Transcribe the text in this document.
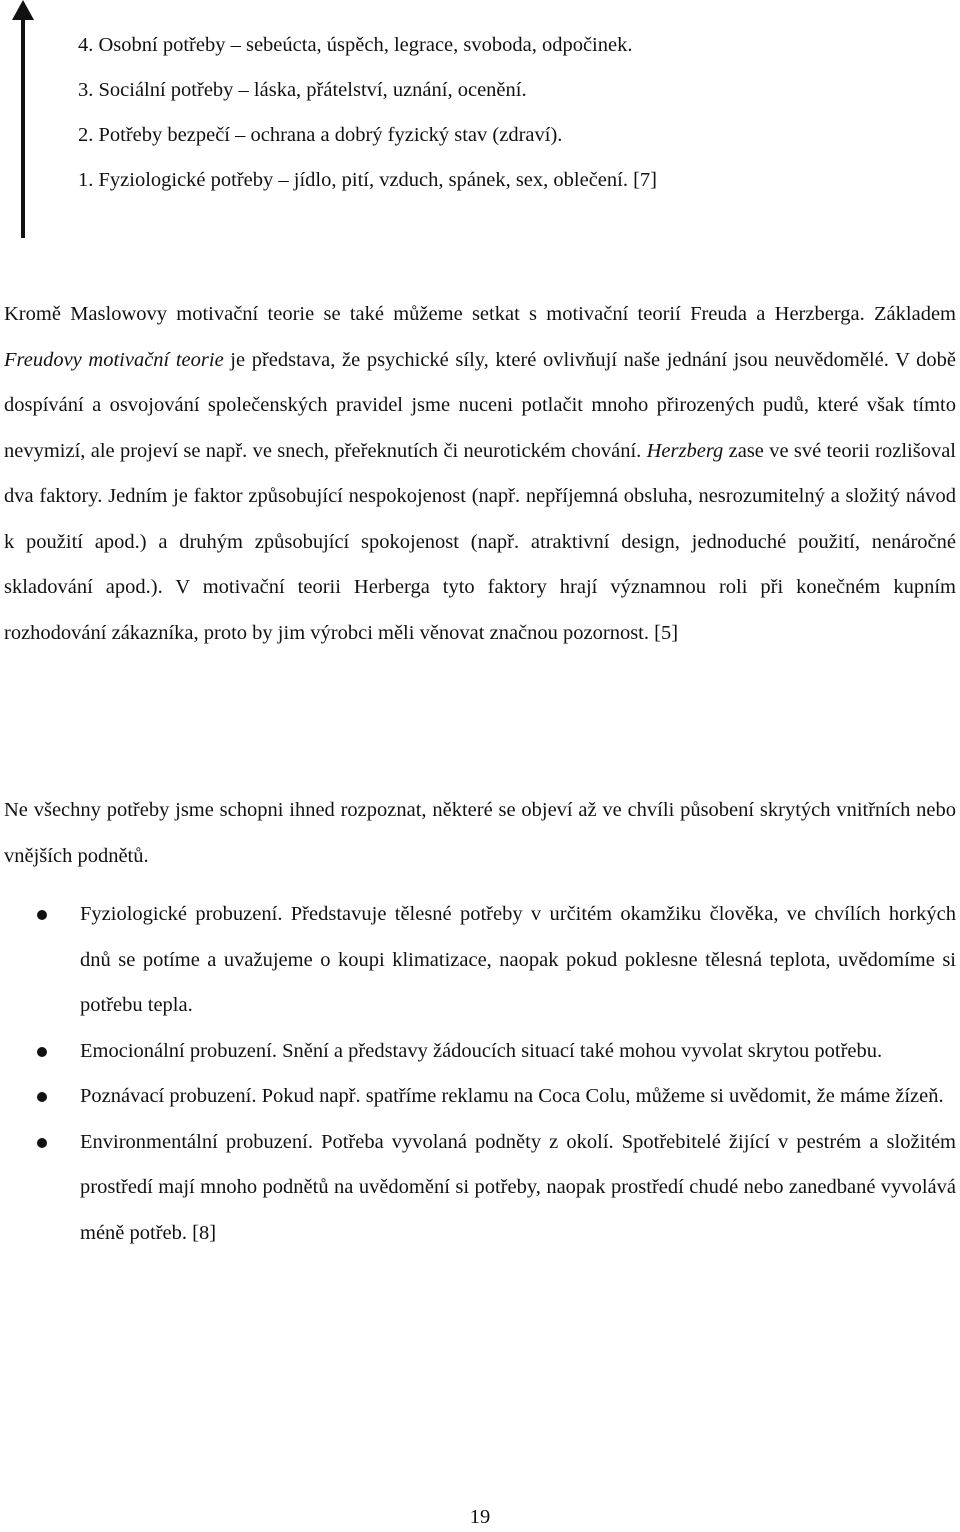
4. Osobní potřeby – sebeúcta, úspěch, legrace, svoboda, odpočinek.
3. Sociální potřeby – láska, přátelství, uznání, ocenění.
2. Potřeby bezpečí – ochrana a dobrý fyzický stav (zdraví).
1. Fyziologické potřeby – jídlo, pití, vzduch, spánek, sex, oblečení. [7]

Kromě Maslowovy motivační teorie se také můžeme setkat s motivační teorií Freuda a Herzberga. Základem Freudovy motivační teorie je představa, že psychické síly, které ovlivňují naše jednání jsou neuvědomělé. V době dospívání a osvojování společenských pravidel jsme nuceni potlačit mnoho přirozených pudů, které však tímto nevymizí, ale projeví se např. ve snech, přeřeknutích či neurotickém chování. Herzberg zase ve své teorii rozlišoval dva faktory. Jedním je faktor způsobující nespokojenost (např. nepříjemná obsluha, nesrozumitelný a složitý návod k použití apod.) a druhým způsobující spokojenost (např. atraktivní design, jednoduché použití, nenáročné skladování apod.). V motivační teorii Herberga tyto faktory hrají významnou roli při konečném kupním rozhodování zákazníka, proto by jim výrobci měli věnovat značnou pozornost. [5]

Ne všechny potřeby jsme schopni ihned rozpoznat, některé se objeví až ve chvíli působení skrytých vnitřních nebo vnějších podnětů.

Fyziologické probuzení. Představuje tělesné potřeby v určitém okamžiku člověka, ve chvílích horkých dnů se potíme a uvažujeme o koupi klimatizace, naopak pokud poklesne tělesná teplota, uvědomíme si potřebu tepla.
Emocionální probuzení. Snění a představy žádoucích situací také mohou vyvolat skrytou potřebu.
Poznávací probuzení. Pokud např. spatříme reklamu na Coca Colu, můžeme si uvědomit, že máme žízeň.
Environmentální probuzení. Potřeba vyvolaná podněty z okolí. Spotřebitelé žijící v pestrém a složitém prostředí mají mnoho podnětů na uvědomění si potřeby, naopak prostředí chudé nebo zanedbané vyvolává méně potřeb. [8]
19
